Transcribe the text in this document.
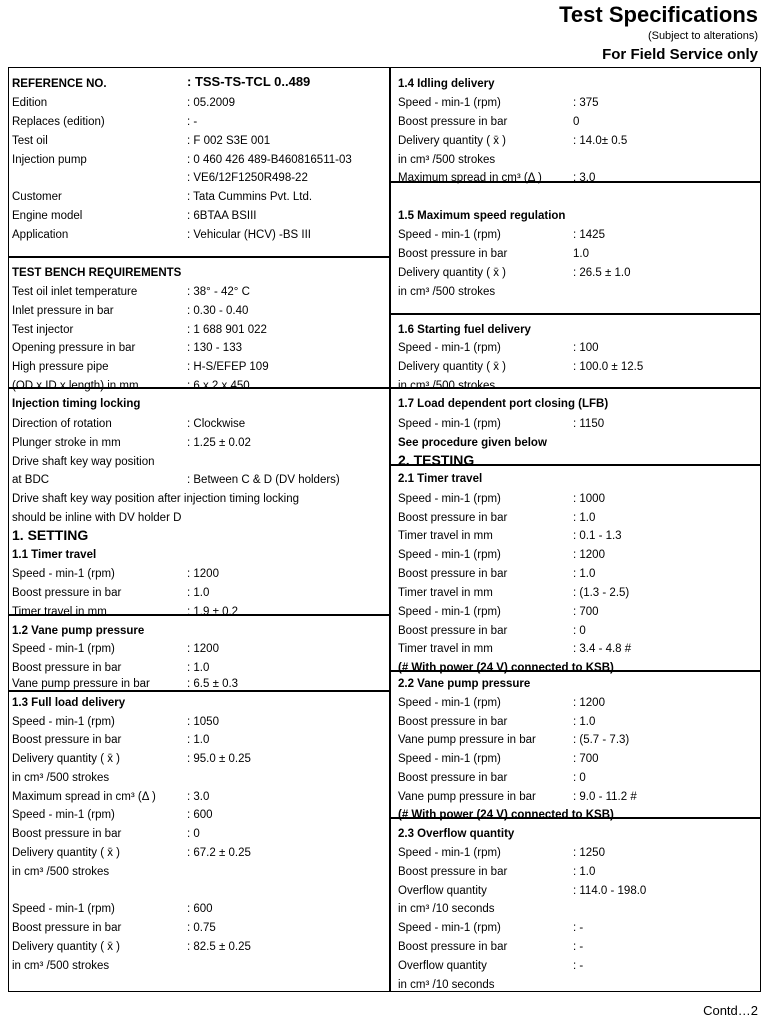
Test Specifications
(Subject to alterations)
For Field Service only
REFERENCE NO.	: TSS-TS-TCL 0..489
Edition	: 05.2009
Replaces (edition)	: -
Test oil	: F 002 S3E 001
Injection pump	: 0 460 426 489-B460816511-03
: VE6/12F1250R498-22
Customer	: Tata Cummins Pvt. Ltd.
Engine model	: 6BTAA BSIII
Application	: Vehicular (HCV) -BS III
TEST BENCH REQUIREMENTS
Test oil inlet temperature	: 38° - 42° C
Inlet pressure in bar	: 0.30 - 0.40
Test injector	: 1 688 901 022
Opening pressure in bar	: 130 - 133
High pressure pipe	: H-S/EFEP 109
(OD x ID x length) in mm	: 6 x 2 x 450
Injection timing locking
Direction of rotation	: Clockwise
Plunger stroke in mm	: 1.25 ± 0.02
Drive shaft key way position
at BDC	: Between C & D (DV holders)
Drive shaft key way position after injection timing locking
should be inline with DV holder D
1. SETTING
1.1 Timer travel
Speed - min-1 (rpm)	: 1200
Boost pressure in bar	: 1.0
Timer travel in mm	: 1.9 ± 0.2
1.2 Vane pump pressure
Speed - min-1 (rpm)	: 1200
Boost pressure in bar	: 1.0
Vane pump pressure in bar	: 6.5 ± 0.3
1.3 Full load delivery
Speed - min-1 (rpm)	: 1050
Boost pressure in bar	: 1.0
Delivery quantity ( x̄ )	: 95.0 ± 0.25
in cm³ /500 strokes
Maximum spread in cm³ (Δ )	: 3.0
Speed - min-1 (rpm)	: 600
Boost pressure in bar	: 0
Delivery quantity ( x̄ )	: 67.2 ± 0.25
in cm³ /500 strokes
Speed - min-1 (rpm)	: 600
Boost pressure in bar	: 0.75
Delivery quantity ( x̄ )	: 82.5 ± 0.25
in cm³ /500 strokes
1.4 Idling delivery
Speed - min-1 (rpm)	: 375
Boost pressure in bar	0
Delivery quantity ( x̄ )	: 14.0± 0.5
in cm³ /500 strokes
Maximum spread in cm³ (Δ )	: 3.0
1.5 Maximum speed regulation
Speed - min-1 (rpm)	: 1425
Boost pressure in bar	1.0
Delivery quantity ( x̄ )	: 26.5 ± 1.0
in cm³ /500 strokes
1.6 Starting fuel delivery
Speed - min-1 (rpm)	: 100
Delivery quantity ( x̄ )	: 100.0 ± 12.5
in cm³ /500 strokes
1.7 Load dependent port closing (LFB)
Speed - min-1 (rpm)	: 1150
See procedure given below
2. TESTING
2.1 Timer travel
Speed - min-1 (rpm)	: 1000
Boost pressure in bar	: 1.0
Timer travel in mm	: 0.1 - 1.3
Speed - min-1 (rpm)	: 1200
Boost pressure in bar	: 1.0
Timer travel in mm	: (1.3 - 2.5)
Speed - min-1 (rpm)	: 700
Boost pressure in bar	: 0
Timer travel in mm	: 3.4 - 4.8 #
(# With power (24 V) connected to KSB)
2.2 Vane pump pressure
Speed - min-1 (rpm)	: 1200
Boost pressure in bar	: 1.0
Vane pump pressure in bar	: (5.7 - 7.3)
Speed - min-1 (rpm)	: 700
Boost pressure in bar	: 0
Vane pump pressure in bar	: 9.0 - 11.2 #
(# With power (24 V) connected to KSB)
2.3 Overflow quantity
Speed - min-1 (rpm)	: 1250
Boost pressure in bar	: 1.0
Overflow quantity	: 114.0 - 198.0
in cm³ /10 seconds
Speed - min-1 (rpm)	: -
Boost pressure in bar	: -
Overflow quantity	: -
in cm³ /10 seconds
Contd…2
